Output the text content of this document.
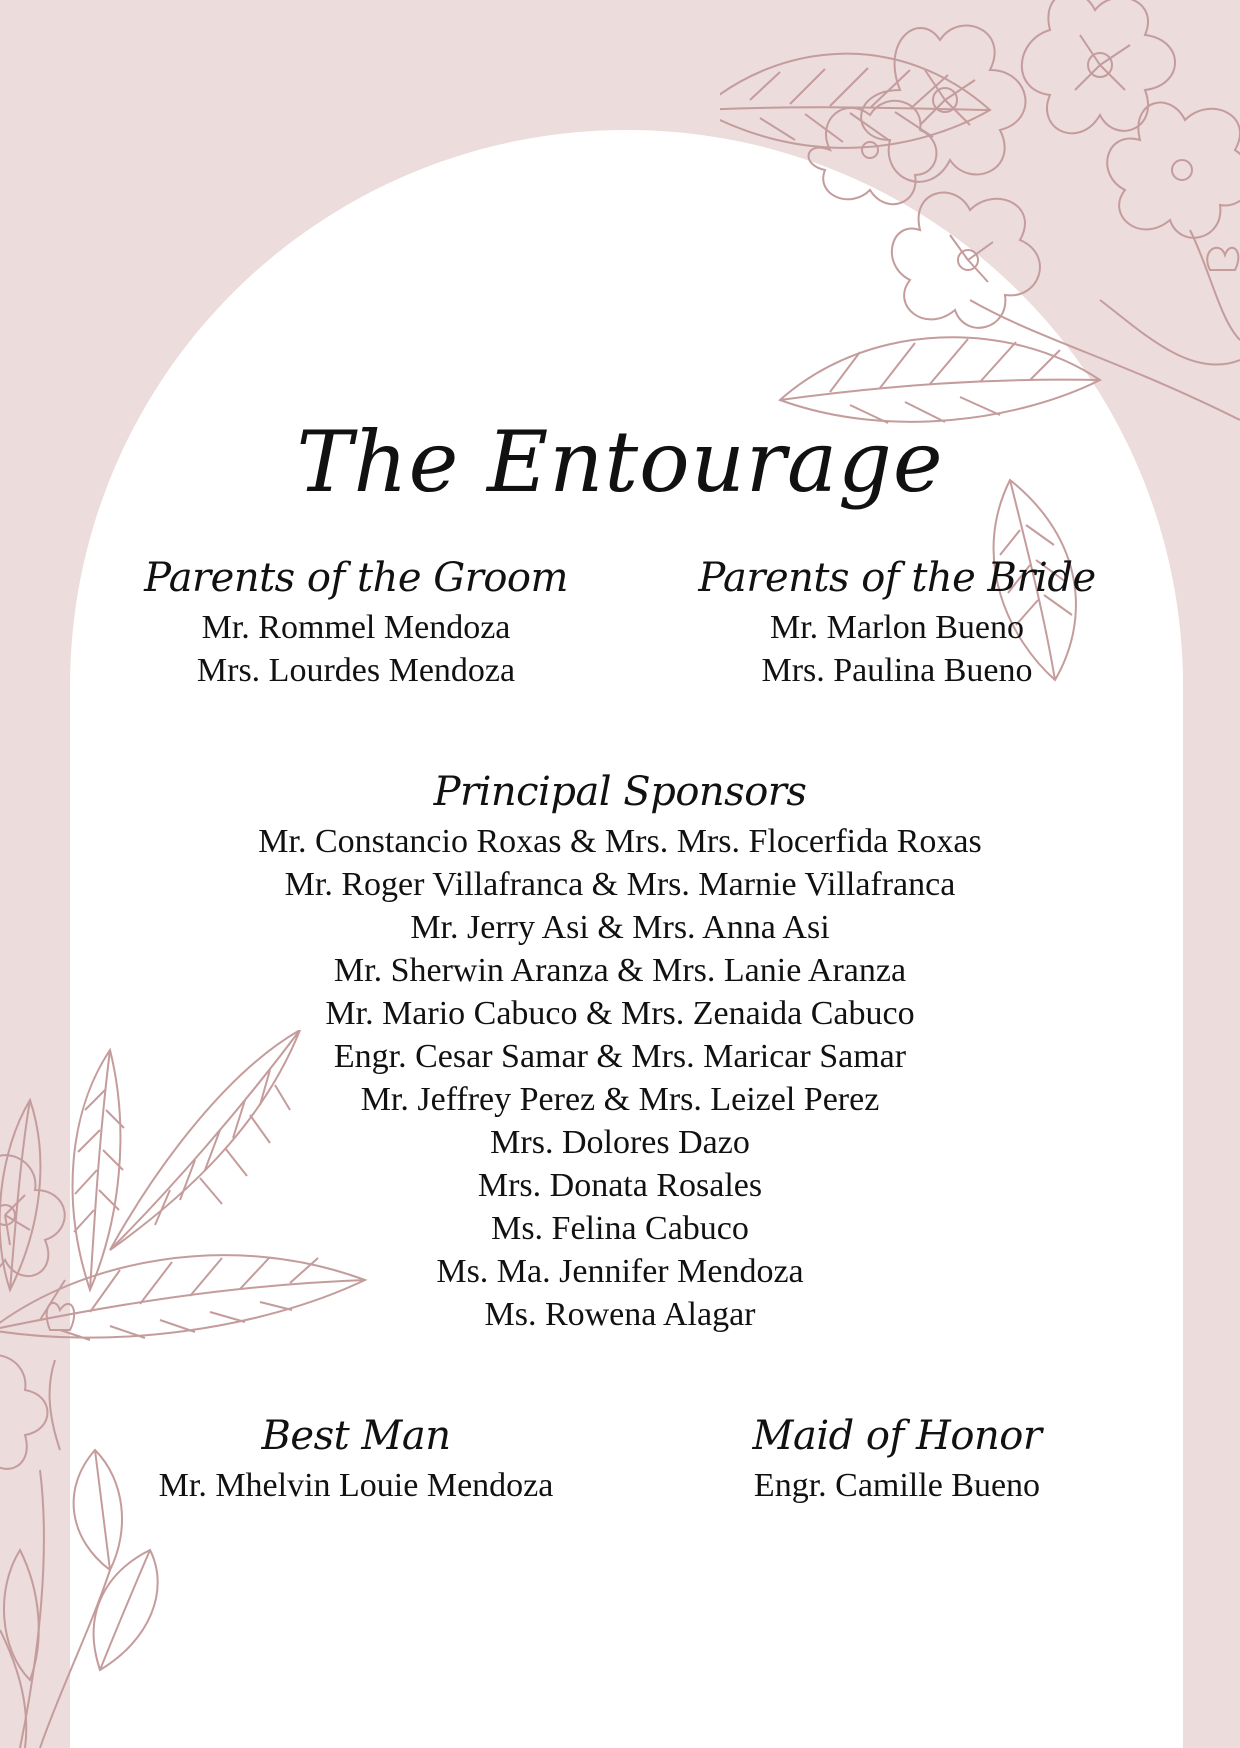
The Entourage
Parents of the Groom

Mr. Rommel Mendoza

Mrs. Lourdes Mendoza

Parents of the Bride

Mr. Marlon Bueno

Mrs. Paulina Bueno

Principal Sponsors

Mr. Constancio Roxas & Mrs. Mrs. Flocerfida Roxas

Mr. Roger Villafranca & Mrs. Marnie Villafranca

Mr. Jerry Asi & Mrs. Anna Asi

Mr. Sherwin Aranza & Mrs. Lanie Aranza

Mr. Mario Cabuco & Mrs. Zenaida Cabuco

Engr. Cesar Samar & Mrs. Maricar Samar

Mr. Jeffrey Perez & Mrs. Leizel Perez

Mrs. Dolores Dazo

Mrs. Donata Rosales

Ms. Felina Cabuco

Ms. Ma. Jennifer Mendoza

Ms. Rowena Alagar

Best Man

Mr. Mhelvin Louie Mendoza

Maid of Honor

Engr. Camille Bueno
